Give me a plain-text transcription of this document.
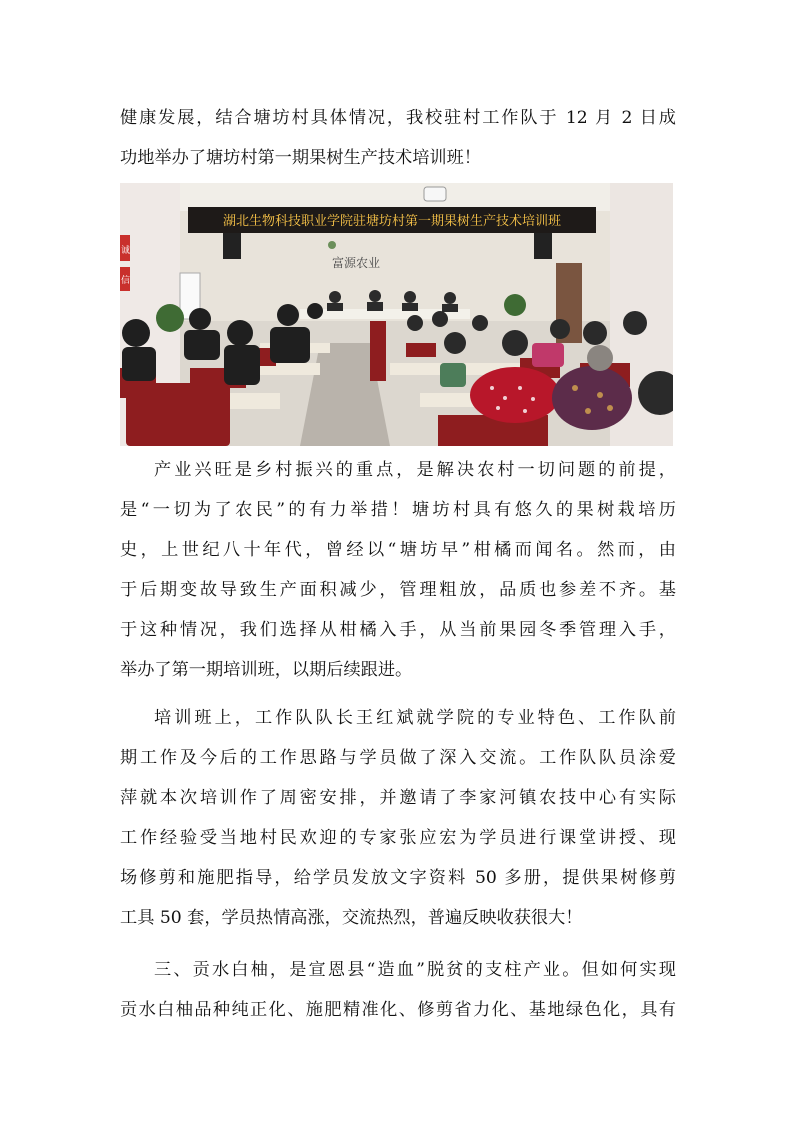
健康发展，结合塘坊村具体情况，我校驻村工作队于 12 月 2 日成
功地举办了塘坊村第一期果树生产技术培训班！
湖北生物科技职业学院驻塘坊村第一期果树生产技术培训班
富源农业
诚
信
产业兴旺是乡村振兴的重点，是解决农村一切问题的前提，
是“一切为了农民”的有力举措！塘坊村具有悠久的果树栽培历
史，上世纪八十年代，曾经以“塘坊早”柑橘而闻名。然而，由
于后期变故导致生产面积减少，管理粗放，品质也参差不齐。基
于这种情况，我们选择从柑橘入手，从当前果园冬季管理入手，
举办了第一期培训班，以期后续跟进。
培训班上，工作队队长王红斌就学院的专业特色、工作队前
期工作及今后的工作思路与学员做了深入交流。工作队队员涂爱
萍就本次培训作了周密安排，并邀请了李家河镇农技中心有实际
工作经验受当地村民欢迎的专家张应宏为学员进行课堂讲授、现
场修剪和施肥指导，给学员发放文字资料 50 多册，提供果树修剪
工具 50 套，学员热情高涨，交流热烈，普遍反映收获很大！
三、贡水白柚，是宣恩县“造血”脱贫的支柱产业。但如何实现
贡水白柚品种纯正化、施肥精准化、修剪省力化、基地绿色化，具有
